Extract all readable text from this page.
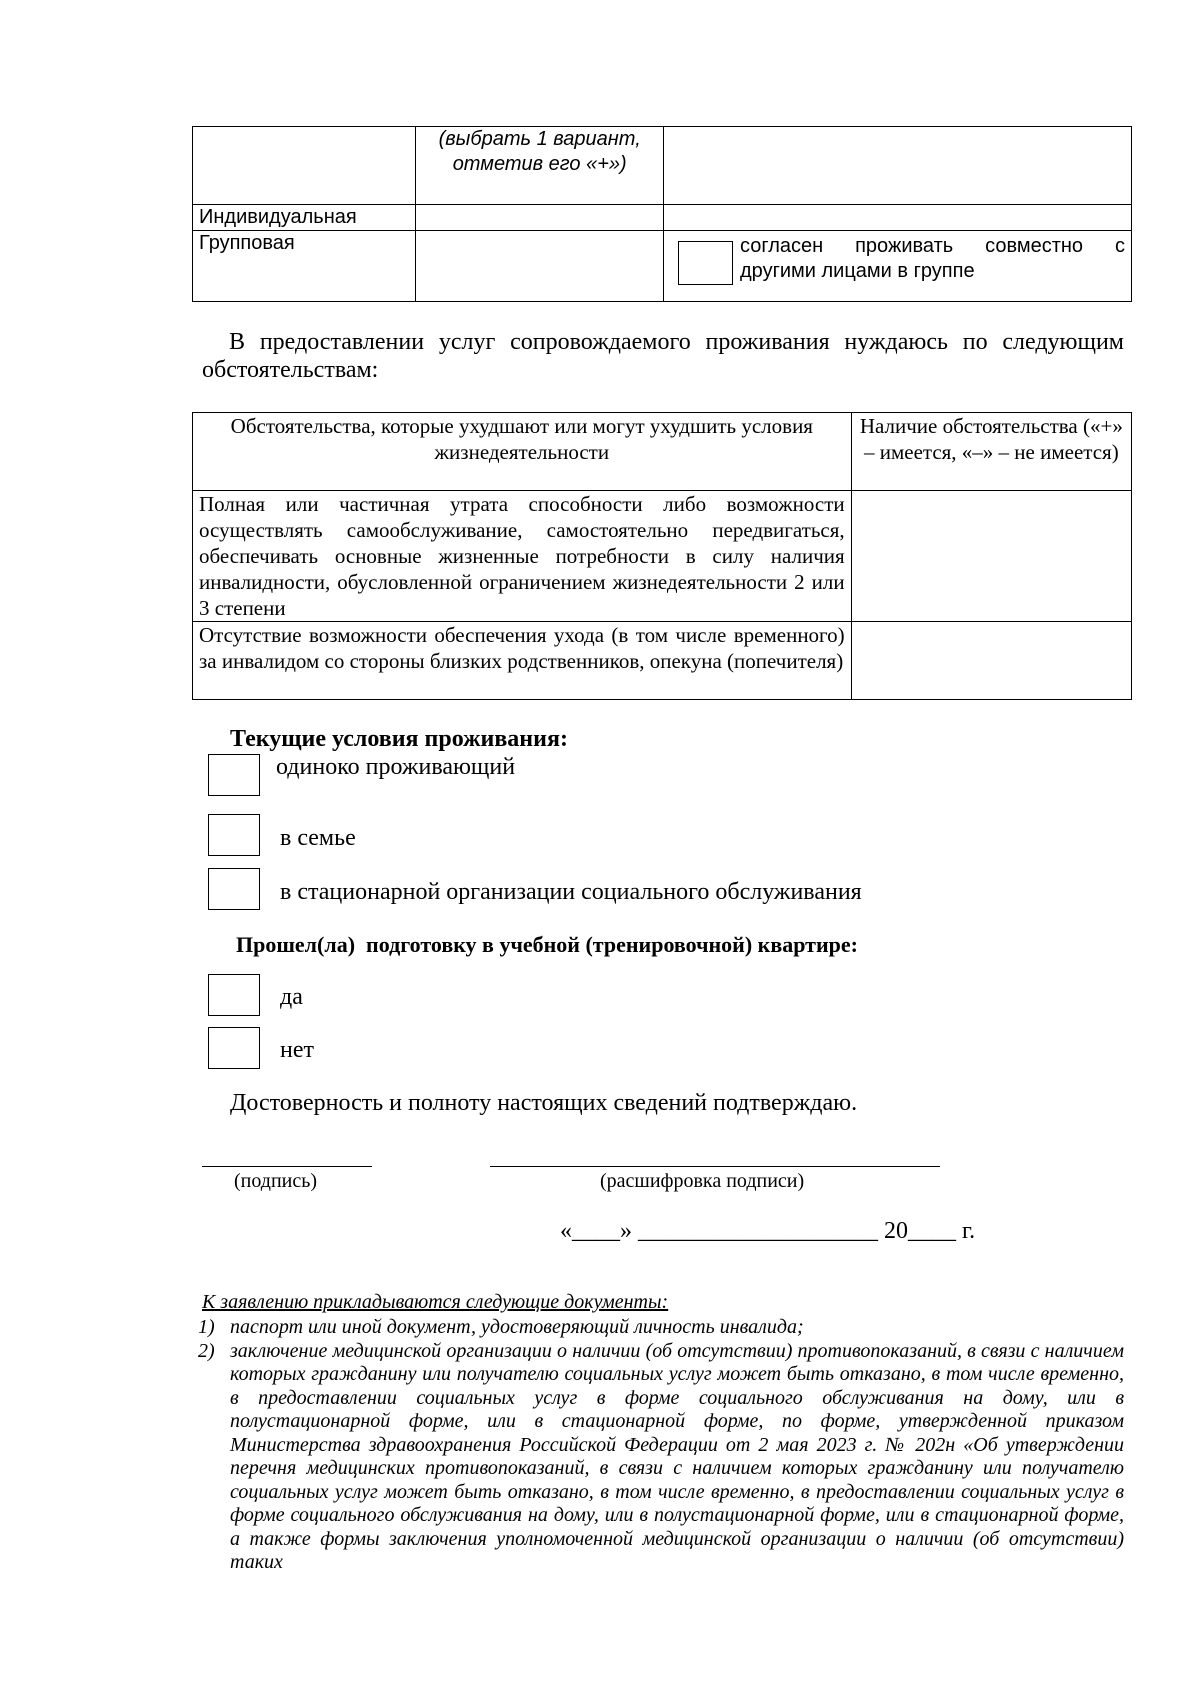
	(выбрать 1 вариант, отметив его «+»)	
Индивидуальная		
Групповая		согласен проживать совместно с другими лицами в группе
В предоставлении услуг сопровождаемого проживания нуждаюсь по следующим обстоятельствам:
Обстоятельства, которые ухудшают или могут ухудшить условия жизнедеятельности	Наличие обстоятельства («+» – имеется, «–» – не имеется)
Полная или частичная утрата способности либо возможности осуществлять самообслуживание, самостоятельно передвигаться, обеспечивать основные жизненные потребности в силу наличия инвалидности, обусловленной ограничением жизнедеятельности 2 или 3 степени	
Отсутствие возможности обеспечения ухода (в том числе временного) за инвалидом со стороны близких родственников, опекуна (попечителя)	
Текущие условия проживания:
одиноко проживающий
в семье
в стационарной организации социального обслуживания
Прошел(ла)  подготовку в учебной (тренировочной) квартире:
да
нет
Достоверность и полноту настоящих сведений подтверждаю.
(подпись)	(расшифровка подписи)
«____» ____________________ 20____ г.
К заявлению прикладываются следующие документы:
1) паспорт или иной документ, удостоверяющий личность инвалида;
2) заключение медицинской организации о наличии (об отсутствии) противопоказаний, в связи с наличием которых гражданину или получателю социальных услуг может быть отказано, в том числе временно, в предоставлении социальных услуг в форме социального обслуживания на дому, или в полустационарной форме, или в стационарной форме, по форме, утвержденной приказом Министерства здравоохранения Российской Федерации от 2 мая 2023 г. № 202н «Об утверждении перечня медицинских противопоказаний, в связи с наличием которых гражданину или получателю социальных услуг может быть отказано, в том числе временно, в предоставлении социальных услуг в форме социального обслуживания на дому, или в полустационарной форме, или в стационарной форме, а также формы заключения уполномоченной медицинской организации о наличии (об отсутствии) таких
